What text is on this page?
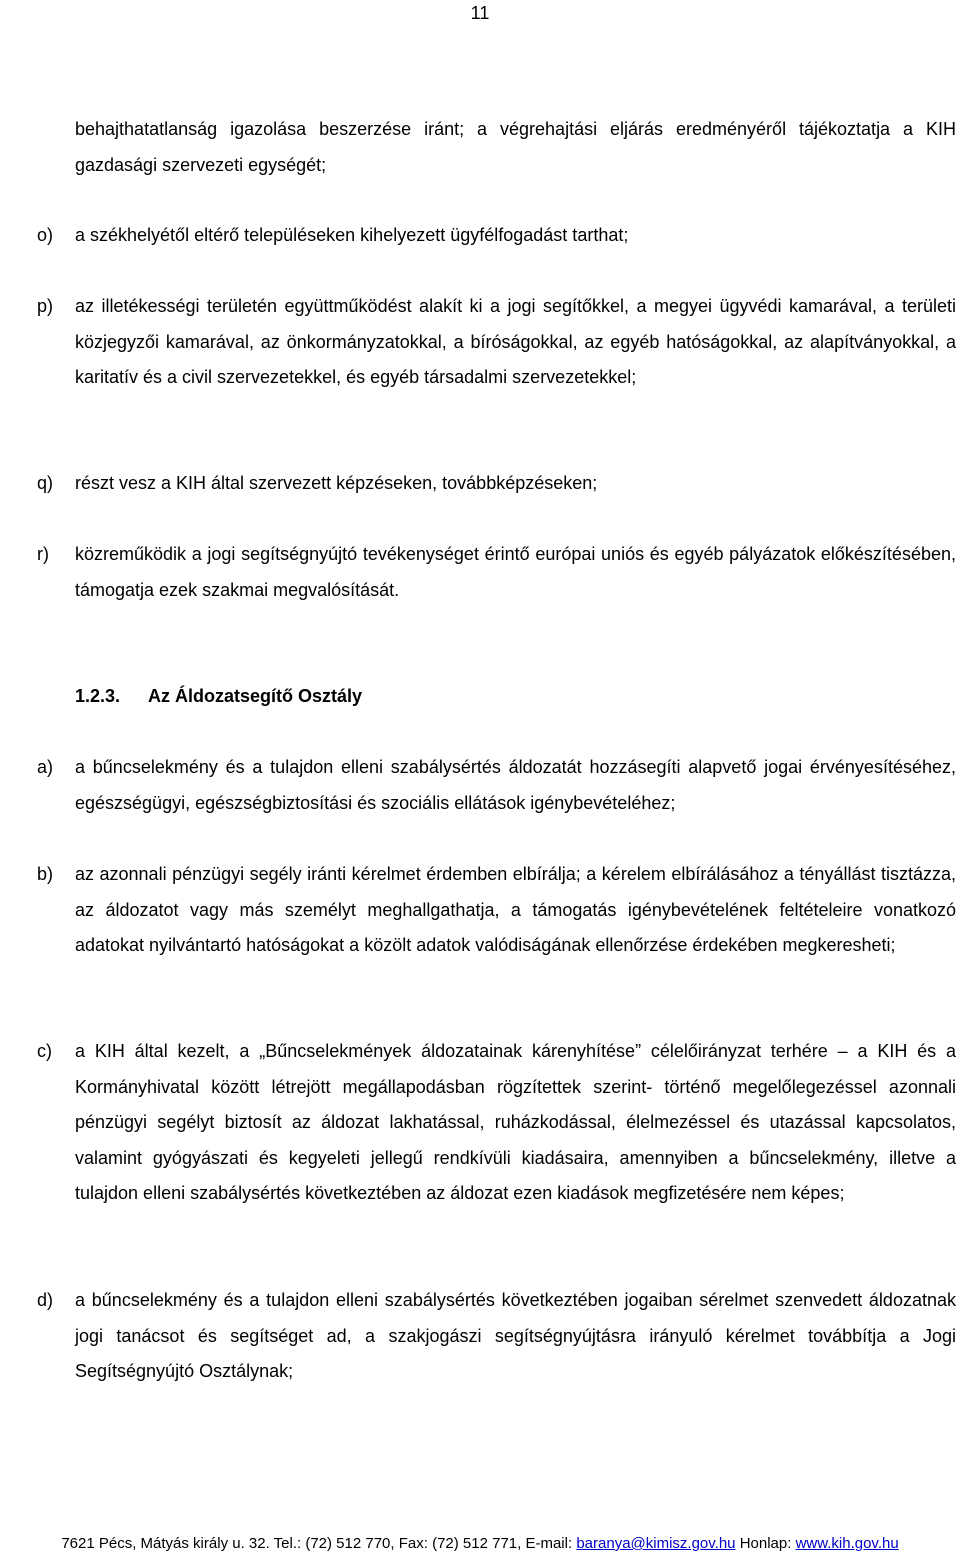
11
behajthatatlanság igazolása beszerzése iránt; a végrehajtási eljárás eredményéről tájékoztatja a KIH gazdasági szervezeti egységét;
o) a székhelyétől eltérő településeken kihelyezett ügyfélfogadást tarthat;
p) az illetékességi területén együttműködést alakít ki a jogi segítőkkel, a megyei ügyvédi kamarával, a területi közjegyzői kamarával, az önkormányzatokkal, a bíróságokkal, az egyéb hatóságokkal, az alapítványokkal, a karitatív és a civil szervezetekkel, és egyéb társadalmi szervezetekkel;
q) részt vesz a KIH által szervezett képzéseken, továbbképzéseken;
r) közreműködik a jogi segítségnyújtó tevékenységet érintő európai uniós és egyéb pályázatok előkészítésében, támogatja ezek szakmai megvalósítását.
1.2.3. Az Áldozatsegítő Osztály
a) a bűncselekmény és a tulajdon elleni szabálysértés áldozatát hozzásegíti alapvető jogai érvényesítéséhez, egészségügyi, egészségbiztosítási és szociális ellátások igénybevételéhez;
b) az azonnali pénzügyi segély iránti kérelmet érdemben elbírálja; a kérelem elbírálásához a tényállást tisztázza, az áldozatot vagy más személyt meghallgathatja, a támogatás igénybevételének feltételeire vonatkozó adatokat nyilvántartó hatóságokat a közölt adatok valódiságának ellenőrzése érdekében megkeresheti;
c) a KIH által kezelt, a „Bűncselekmények áldozatainak kárenyhítése” célelőirányzat terhére – a KIH és a Kormányhivatal között létrejött megállapodásban rögzítettek szerint- történő megelőlegezéssel azonnali pénzügyi segélyt biztosít az áldozat lakhatással, ruházkodással, élelmezéssel és utazással kapcsolatos, valamint gyógyászati és kegyeleti jellegű rendkívüli kiadásaira, amennyiben a bűncselekmény, illetve a tulajdon elleni szabálysértés következtében az áldozat ezen kiadások megfizetésére nem képes;
d) a bűncselekmény és a tulajdon elleni szabálysértés következtében jogaiban sérelmet szenvedett áldozatnak jogi tanácsot és segítséget ad, a szakjogászi segítségnyújtásra irányuló kérelmet továbbítja a Jogi Segítségnyújtó Osztálynak;
7621 Pécs, Mátyás király u. 32. Tel.: (72) 512 770, Fax: (72) 512 771, E-mail: baranya@kimisz.gov.hu Honlap: www.kih.gov.hu
